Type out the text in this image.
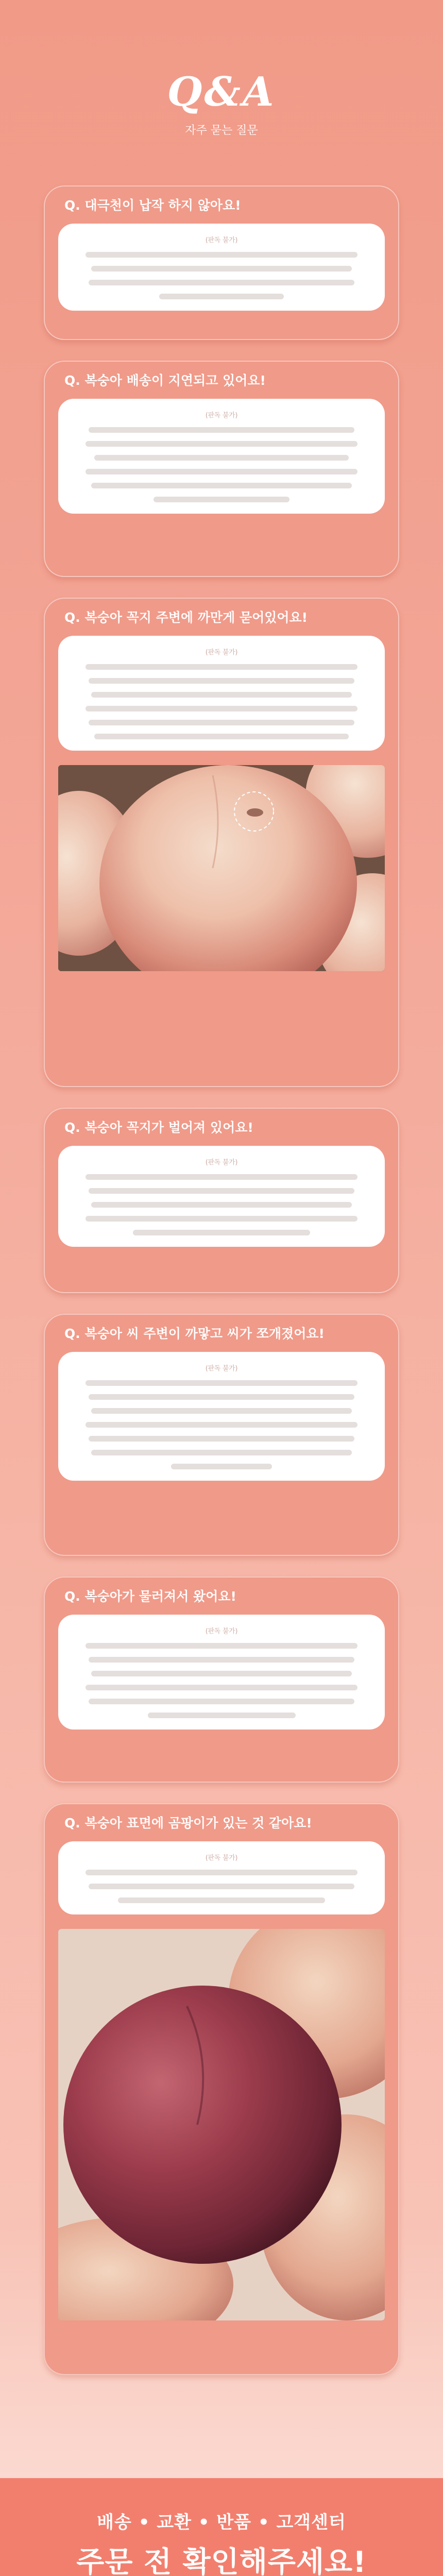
Q&A
자주 묻는 질문
Q. 대극천이 납작 하지 않아요!
(판독 불가)
Q. 복숭아 배송이 지연되고 있어요!
(판독 불가)
Q. 복숭아 꼭지 주변에 까만게 묻어있어요!
(판독 불가)
Q. 복숭아 꼭지가 벌어져 있어요!
(판독 불가)
Q. 복숭아 씨 주변이 까맣고 씨가 쪼개졌어요!
(판독 불가)
Q. 복숭아가 물러져서 왔어요!
(판독 불가)
Q. 복숭아 표면에 곰팡이가 있는 것 같아요!
(판독 불가)
배송 • 교환 • 반품 • 고객센터
주문 전 확인해주세요!
